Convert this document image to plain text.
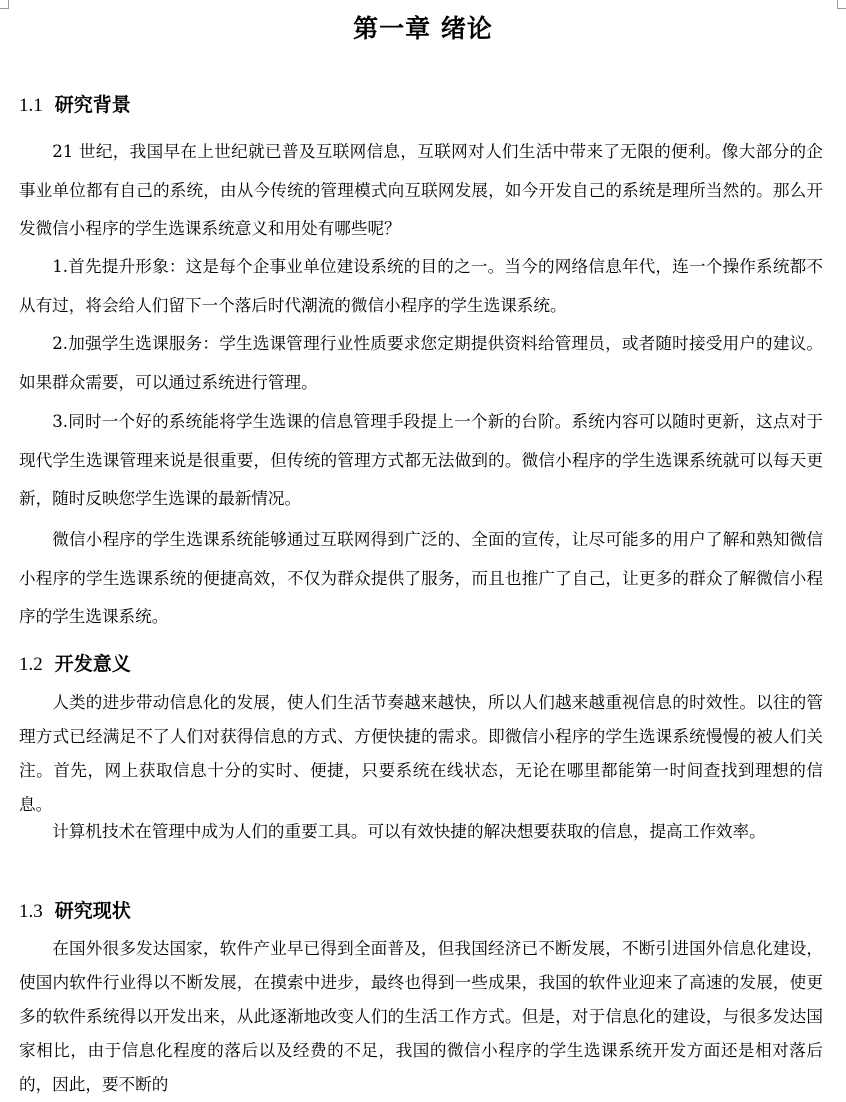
第一章 绪论
1.1 研究背景

21 世纪，我国早在上世纪就已普及互联网信息，互联网对人们生活中带来了无限的便利。像大部分的企事业单位都有自己的系统，由从今传统的管理模式向互联网发展，如今开发自己的系统是理所当然的。那么开发微信小程序的学生选课系统意义和用处有哪些呢？

1.首先提升形象：这是每个企事业单位建设系统的目的之一。当今的网络信息年代，连一个操作系统都不从有过，将会给人们留下一个落后时代潮流的微信小程序的学生选课系统。

2.加强学生选课服务：学生选课管理行业性质要求您定期提供资料给管理员，或者随时接受用户的建议。如果群众需要，可以通过系统进行管理。

3.同时一个好的系统能将学生选课的信息管理手段提上一个新的台阶。系统内容可以随时更新，这点对于现代学生选课管理来说是很重要，但传统的管理方式都无法做到的。微信小程序的学生选课系统就可以每天更新，随时反映您学生选课的最新情况。

微信小程序的学生选课系统能够通过互联网得到广泛的、全面的宣传，让尽可能多的用户了解和熟知微信小程序的学生选课系统的便捷高效，不仅为群众提供了服务，而且也推广了自己，让更多的群众了解微信小程序的学生选课系统。

1.2 开发意义

人类的进步带动信息化的发展，使人们生活节奏越来越快，所以人们越来越重视信息的时效性。以往的管理方式已经满足不了人们对获得信息的方式、方便快捷的需求。即微信小程序的学生选课系统慢慢的被人们关注。首先，网上获取信息十分的实时、便捷，只要系统在线状态，无论在哪里都能第一时间查找到理想的信息。

计算机技术在管理中成为人们的重要工具。可以有效快捷的解决想要获取的信息，提高工作效率。

1.3 研究现状

在国外很多发达国家，软件产业早已得到全面普及，但我国经济已不断发展，不断引进国外信息化建设，使国内软件行业得以不断发展，在摸索中进步，最终也得到一些成果，我国的软件业迎来了高速的发展，使更多的软件系统得以开发出来，从此逐渐地改变人们的生活工作方式。但是，对于信息化的建设，与很多发达国家相比，由于信息化程度的落后以及经费的不足，我国的微信小程序的学生选课系统开发方面还是相对落后的，因此，要不断的
